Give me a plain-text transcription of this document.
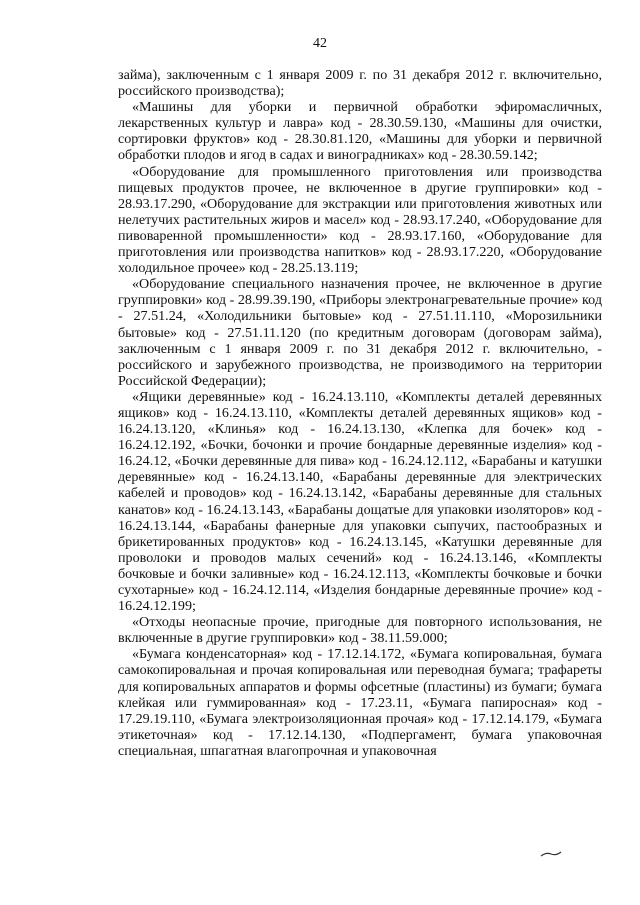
42

займа), заключенным с 1 января 2009 г. по 31 декабря 2012 г. включительно, российского производства);

«Машины для уборки и первичной обработки эфиромасличных, лекарственных культур и лавра» код - 28.30.59.130, «Машины для очистки, сортировки фруктов» код - 28.30.81.120, «Машины для уборки и первичной обработки плодов и ягод в садах и виноградниках» код - 28.30.59.142;

«Оборудование для промышленного приготовления или производства пищевых продуктов прочее, не включенное в другие группировки» код - 28.93.17.290, «Оборудование для экстракции или приготовления животных или нелетучих растительных жиров и масел» код - 28.93.17.240, «Оборудование для пивоваренной промышленности» код - 28.93.17.160, «Оборудование для приготовления или производства напитков» код - 28.93.17.220, «Оборудование холодильное прочее» код - 28.25.13.119;

«Оборудование специального назначения прочее, не включенное в другие группировки» код - 28.99.39.190, «Приборы электронагревательные прочие» код - 27.51.24, «Холодильники бытовые» код - 27.51.11.110, «Морозильники бытовые» код - 27.51.11.120 (по кредитным договорам (договорам займа), заключенным с 1 января 2009 г. по 31 декабря 2012 г. включительно, - российского и зарубежного производства, не производимого на территории Российской Федерации);

«Ящики деревянные» код - 16.24.13.110, «Комплекты деталей деревянных ящиков» код - 16.24.13.110, «Комплекты деталей деревянных ящиков» код - 16.24.13.120, «Клинья» код - 16.24.13.130, «Клепка для бочек» код - 16.24.12.192, «Бочки, бочонки и прочие бондарные деревянные изделия» код - 16.24.12, «Бочки деревянные для пива» код - 16.24.12.112, «Барабаны и катушки деревянные» код - 16.24.13.140, «Барабаны деревянные для электрических кабелей и проводов» код - 16.24.13.142, «Барабаны деревянные для стальных канатов» код - 16.24.13.143, «Барабаны дощатые для упаковки изоляторов» код - 16.24.13.144, «Барабаны фанерные для упаковки сыпучих, пастообразных и брикетированных продуктов» код - 16.24.13.145, «Катушки деревянные для проволоки и проводов малых сечений» код - 16.24.13.146, «Комплекты бочковые и бочки заливные» код - 16.24.12.113, «Комплекты бочковые и бочки сухотарные» код - 16.24.12.114, «Изделия бондарные деревянные прочие» код - 16.24.12.199;

«Отходы неопасные прочие, пригодные для повторного использования, не включенные в другие группировки» код - 38.11.59.000;

«Бумага конденсаторная» код - 17.12.14.172, «Бумага копировальная, бумага самокопировальная и прочая копировальная или переводная бумага; трафареты для копировальных аппаратов и формы офсетные (пластины) из бумаги; бумага клейкая или гуммированная» код - 17.23.11, «Бумага папиросная» код - 17.29.19.110, «Бумага электроизоляционная прочая» код - 17.12.14.179, «Бумага этикеточная» код - 17.12.14.130, «Подпергамент, бумага упаковочная специальная, шпагатная влагопрочная и упаковочная
